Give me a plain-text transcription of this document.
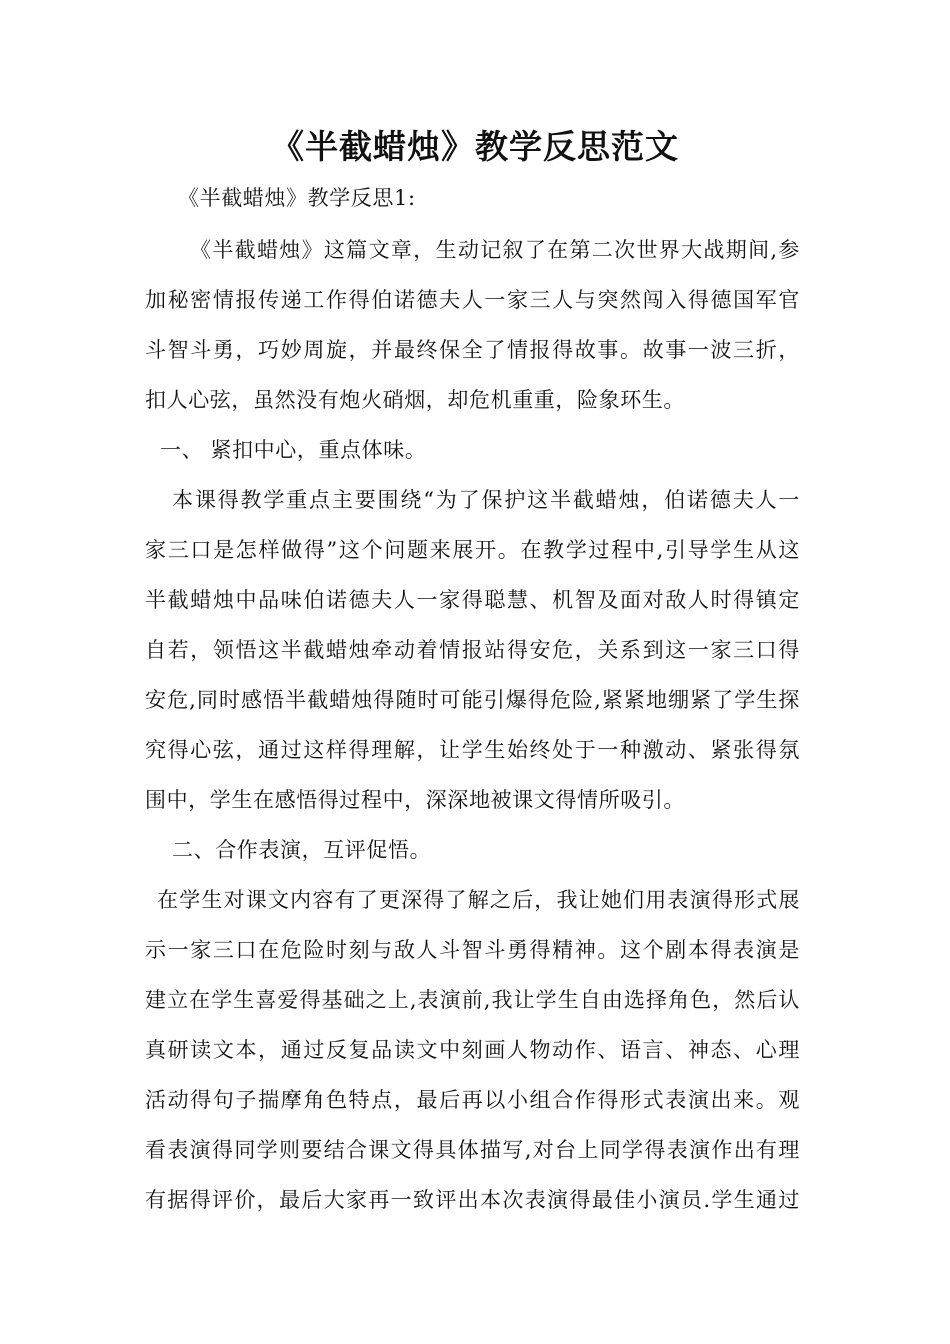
《半截蜡烛》教学反思范文
《半截蜡烛》教学反思1:
《半截蜡烛》这篇文章，生动记叙了在第二次世界大战期间,参
加秘密情报传递工作得伯诺德夫人一家三人与突然闯入得德国军官
斗智斗勇，巧妙周旋，并最终保全了情报得故事。故事一波三折，
扣人心弦，虽然没有炮火硝烟，却危机重重，险象环生。
一、 紧扣中心，重点体味。
本课得教学重点主要围绕“为了保护这半截蜡烛，伯诺德夫人一
家三口是怎样做得”这个问题来展开。在教学过程中,引导学生从这
半截蜡烛中品味伯诺德夫人一家得聪慧、机智及面对敌人时得镇定
自若，领悟这半截蜡烛牵动着情报站得安危，关系到这一家三口得
安危,同时感悟半截蜡烛得随时可能引爆得危险,紧紧地绷紧了学生探
究得心弦，通过这样得理解，让学生始终处于一种激动、紧张得氛
围中，学生在感悟得过程中，深深地被课文得情所吸引。
二、合作表演，互评促悟。
在学生对课文内容有了更深得了解之后，我让她们用表演得形式展
示一家三口在危险时刻与敌人斗智斗勇得精神。这个剧本得表演是
建立在学生喜爱得基础之上,表演前,我让学生自由选择角色，然后认
真研读文本，通过反复品读文中刻画人物动作、语言、神态、心理
活动得句子揣摩角色特点，最后再以小组合作得形式表演出来。观
看表演得同学则要结合课文得具体描写,对台上同学得表演作出有理
有据得评价，最后大家再一致评出本次表演得最佳小演员.学生通过
